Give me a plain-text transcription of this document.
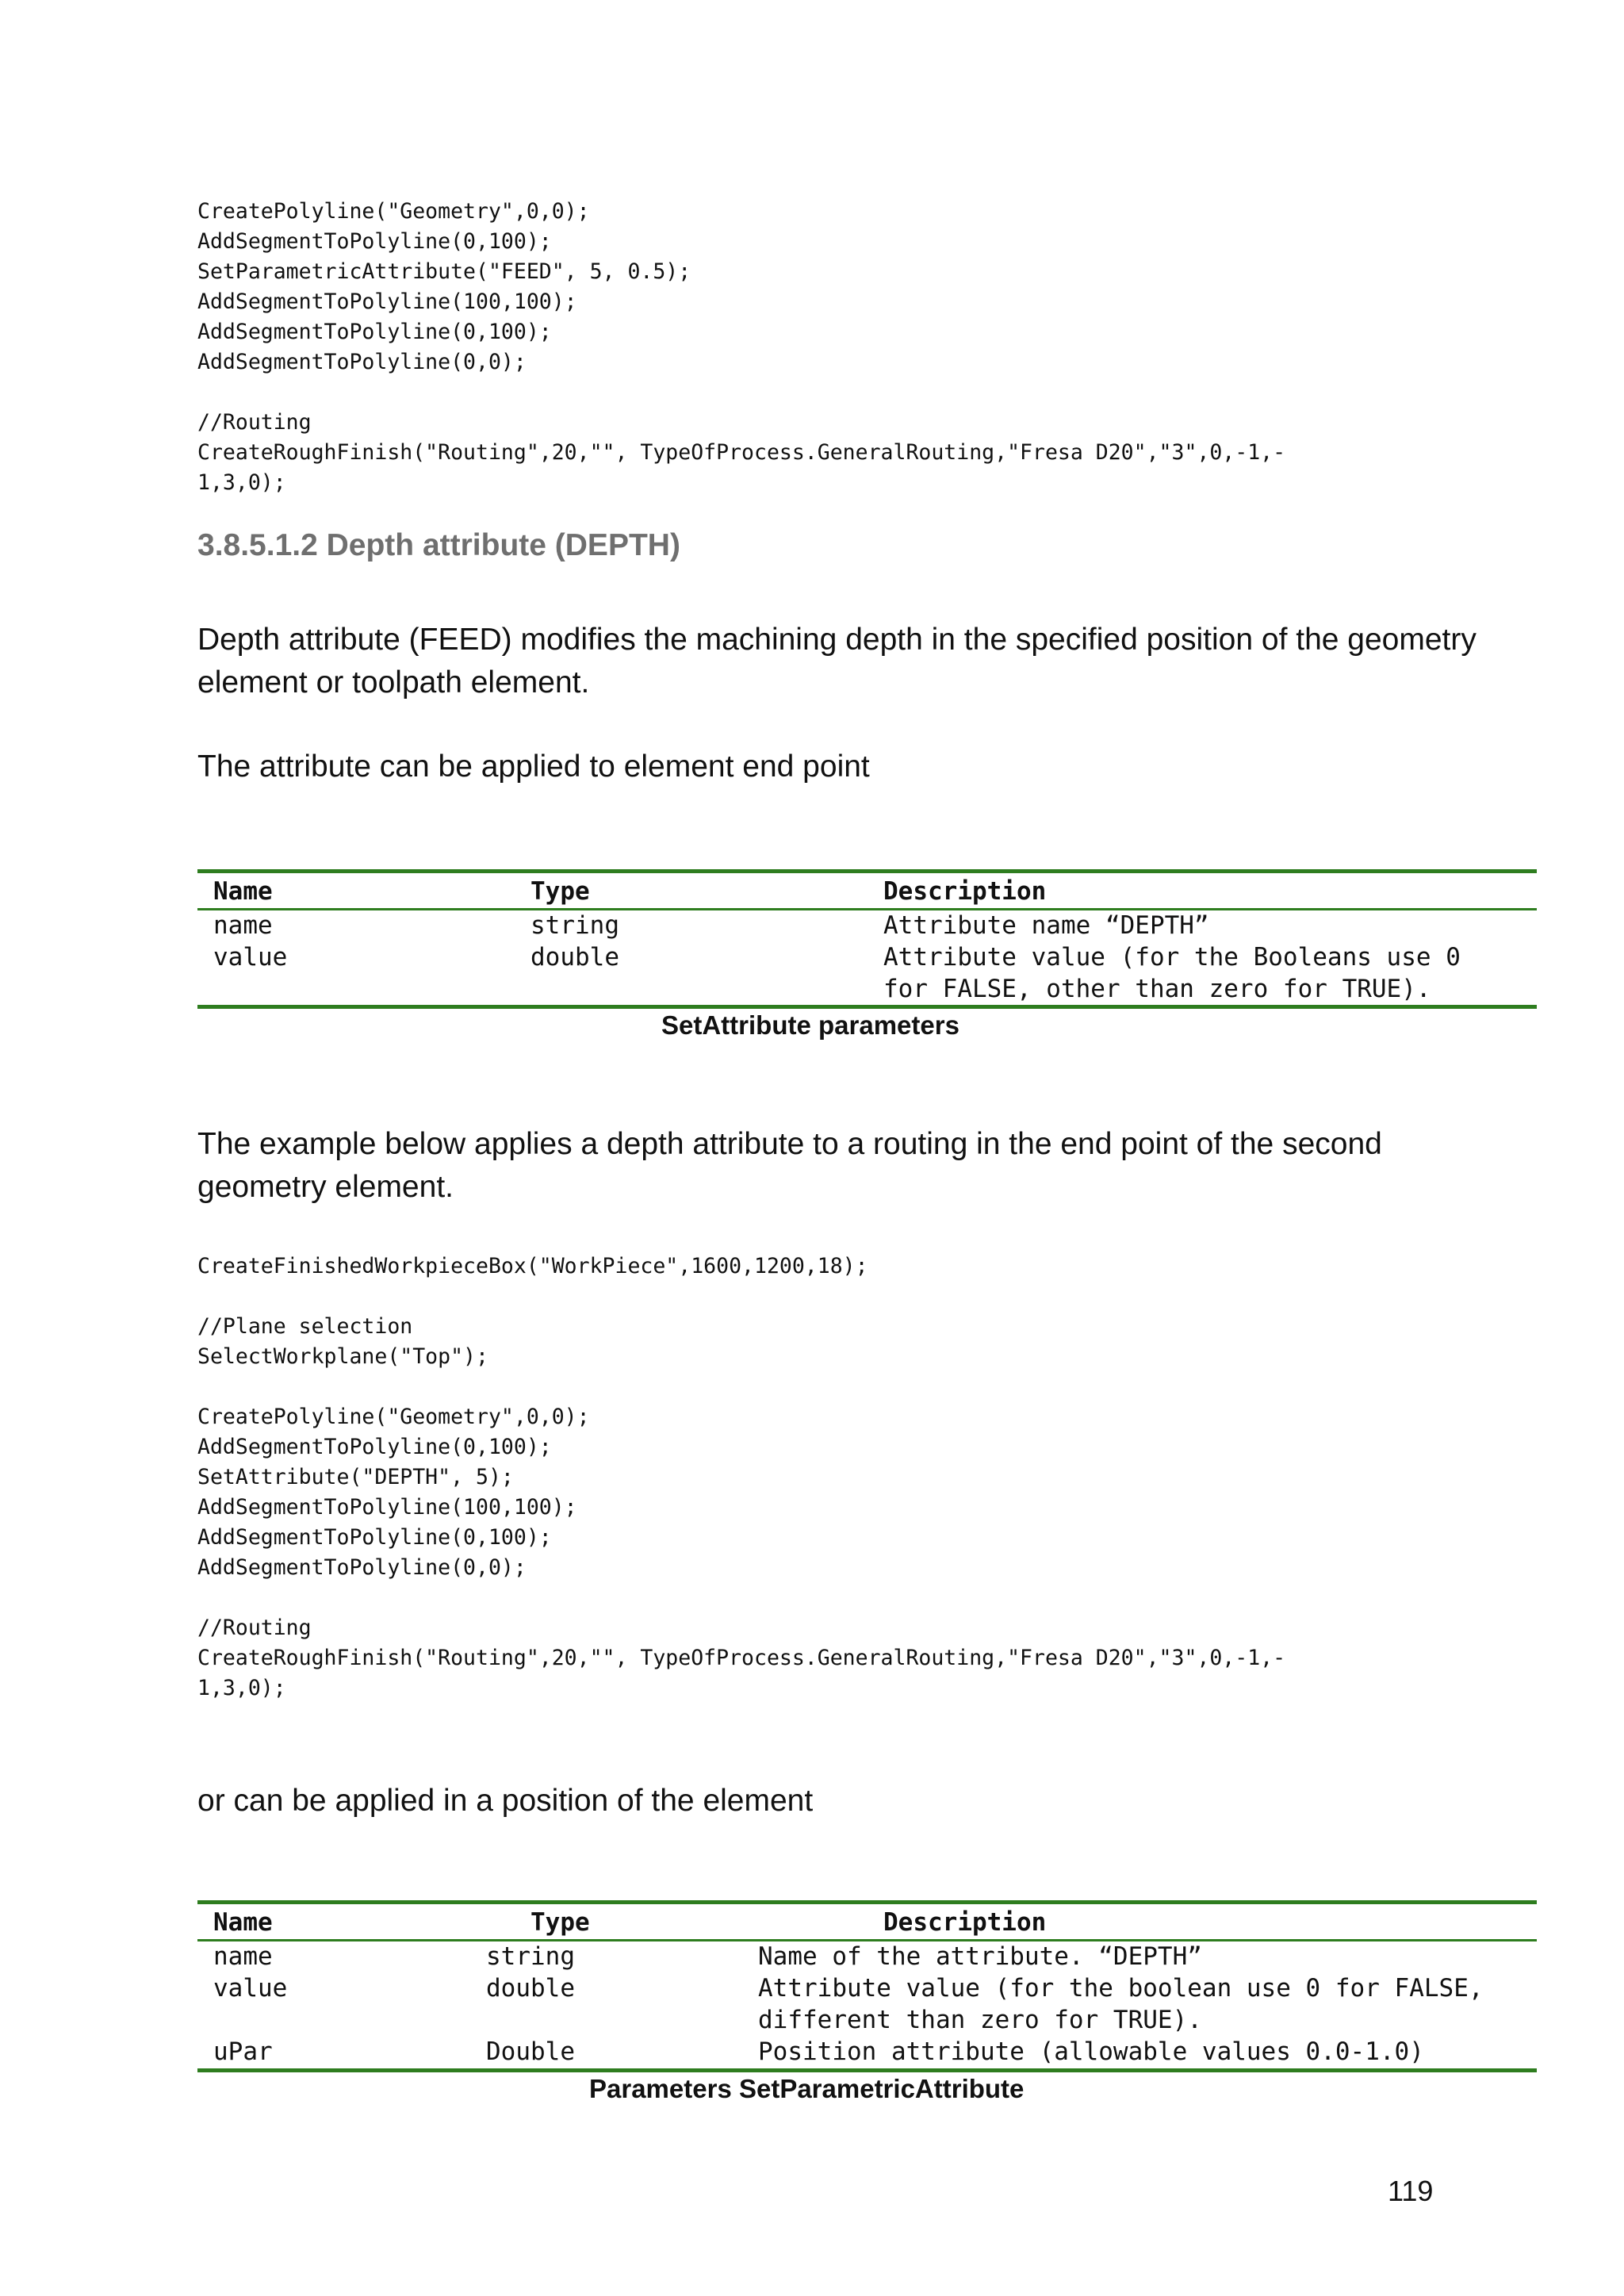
CreatePolyline("Geometry",0,0);
AddSegmentToPolyline(0,100);
SetParametricAttribute("FEED", 5, 0.5);
AddSegmentToPolyline(100,100);
AddSegmentToPolyline(0,100);
AddSegmentToPolyline(0,0);

//Routing
CreateRoughFinish("Routing",20,"", TypeOfProcess.GeneralRouting,"Fresa D20","3",0,-1,-
1,3,0);
3.8.5.1.2 Depth attribute (DEPTH)

Depth attribute (FEED) modifies the machining depth in the specified position of the geometry element or toolpath element.

The attribute can be applied to element end point

Name	Type	Description
name	string	Attribute name “DEPTH”
value	double	Attribute value (for the Booleans use 0
for FALSE, other than zero for TRUE).
SetAttribute parameters

The example below applies a depth attribute to a routing in the end point of the second geometry element.

CreateFinishedWorkpieceBox("WorkPiece",1600,1200,18);

//Plane selection
SelectWorkplane("Top");

CreatePolyline("Geometry",0,0);
AddSegmentToPolyline(0,100);
SetAttribute("DEPTH", 5);
AddSegmentToPolyline(100,100);
AddSegmentToPolyline(0,100);
AddSegmentToPolyline(0,0);

//Routing
CreateRoughFinish("Routing",20,"", TypeOfProcess.GeneralRouting,"Fresa D20","3",0,-1,-
1,3,0);

or can be applied in a position of the element

Name	Type	Description
name	string	Name of the attribute. “DEPTH”
value	double	Attribute value (for the boolean use 0 for FALSE,
different than zero for TRUE).
uPar	Double	Position attribute (allowable values 0.0-1.0)
Parameters SetParametricAttribute
119
